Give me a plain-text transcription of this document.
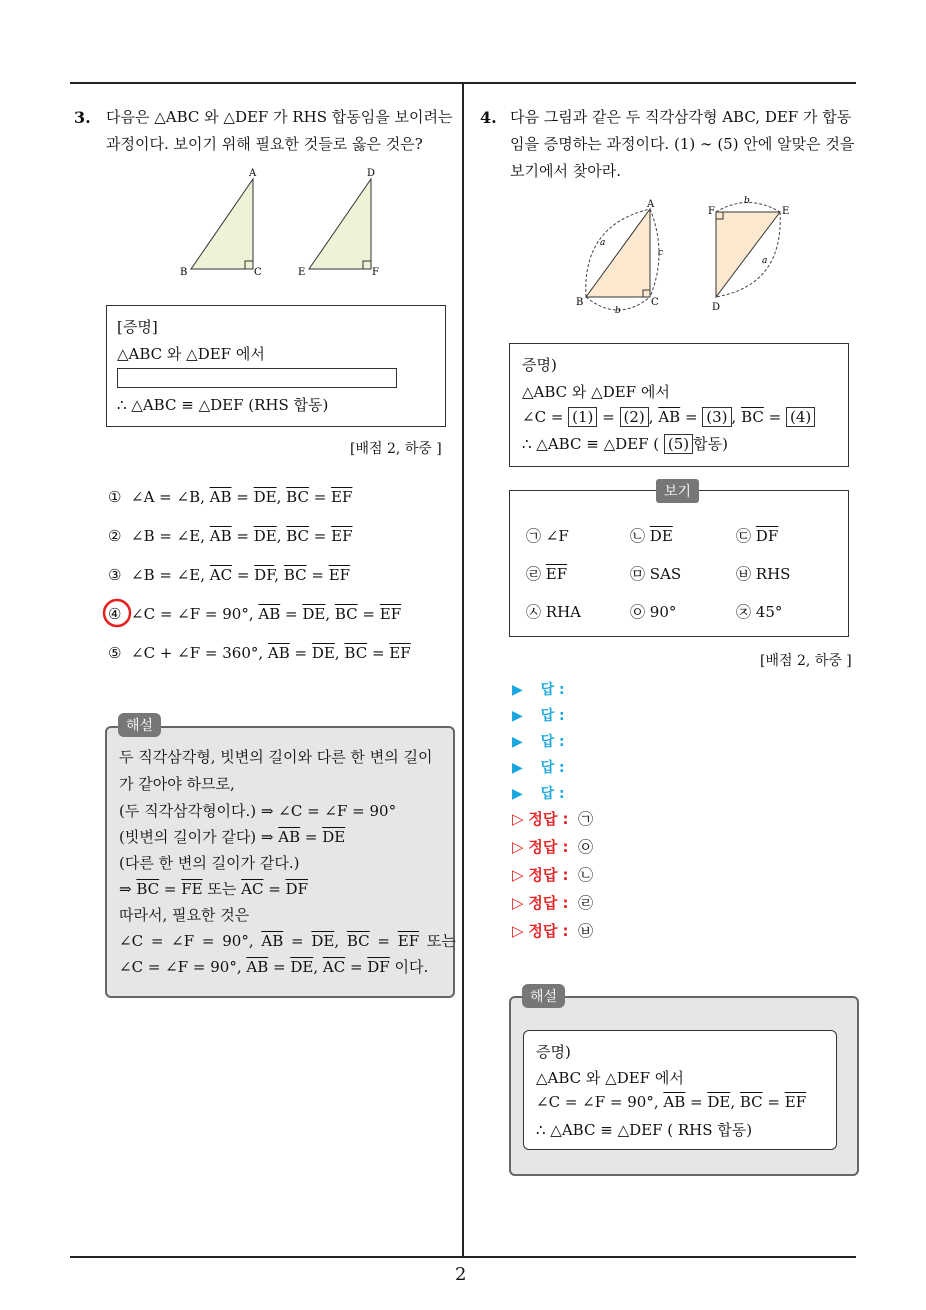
2
3. 다음은 △ABC 와 △DEF 가 RHS 합동임을 보이려는
과정이다. 보이기 위해 필요한 것들로 옳은 것은?
A
B	C
D
E	F
[증명]
△ABC 와 △DEF 에서
∴ △ABC ≡ △DEF (RHS 합동)
[배점 2, 하중 ]
① ∠A = ∠B, $\overline{AB} = \overline{DE}$, $\overline{BC} = \overline{EF}$
② ∠B = ∠E, $\overline{AB} = \overline{DE}$, $\overline{BC} = \overline{EF}$
③ ∠B = ∠E, $\overline{AC} = \overline{DF}$, $\overline{BC} = \overline{EF}$
④ ∠C = ∠F = 90°, $\overline{AB} = \overline{DE}$, $\overline{BC} = \overline{EF}$
⑤ ∠C + ∠F = 360°, $\overline{AB} = \overline{DE}$, $\overline{BC} = \overline{EF}$
두 직각삼각형, 빗변의 길이와 다른 한 변의 길이
가 같아야 하므로,
(두 직각삼각형이다.) ⇒ ∠C = ∠F = 90°
(빗변의 길이가 같다) ⇒ $\overline{AB} = \overline{DE}$
(다른 한 변의 길이가 같다.)
⇒ $\overline{BC} = \overline{FE}$ 또는 $\overline{AC} = \overline{DF}$
따라서, 필요한 것은
∠C = ∠F = 90°, $\overline{AB} = \overline{DE}$, $\overline{BC} = \overline{EF}$ 또는
∠C = ∠F = 90°, $\overline{AB} = \overline{DE}$, $\overline{AC} = \overline{DF}$ 이다.
해설
4. 다음 그림과 같은 두 직각삼각형 ABC, DEF 가 합동
임을 증명하는 과정이다. (1) ∼ (5) 안에 알맞은 것을
보기에서 찾아라.
A
B	C
a
c
b
F	E
D
b
a
증명)
△ABC 와 △DEF 에서
∠C = (1) = (2) , $\overline{AB} = (3)$ , $\overline{BC} = (4)$
∴ △ABC ≡ △DEF ( (5) 합동)
㉠ ∠F	㉡ $\overline{DE}$	㉢ $\overline{DF}$
㉣ $\overline{EF}$	㉤ SAS	㉥ RHS
㉦ RHA	㉧ 90°	㉨ 45°
보기
[배점 2, 하중 ]
▶ 답 :
▶ 답 :
▶ 답 :
▶ 답 :
▶ 답 :
▷ 정답 : ㉠
▷ 정답 : ㉧
▷ 정답 : ㉡
▷ 정답 : ㉣
▷ 정답 : ㉥
증명)
△ABC 와 △DEF 에서
∠C = ∠F = 90°, $\overline{AB} = \overline{DE}$, $\overline{BC} = \overline{EF}$
∴ △ABC ≡ △DEF ( RHS 합동)
해설
